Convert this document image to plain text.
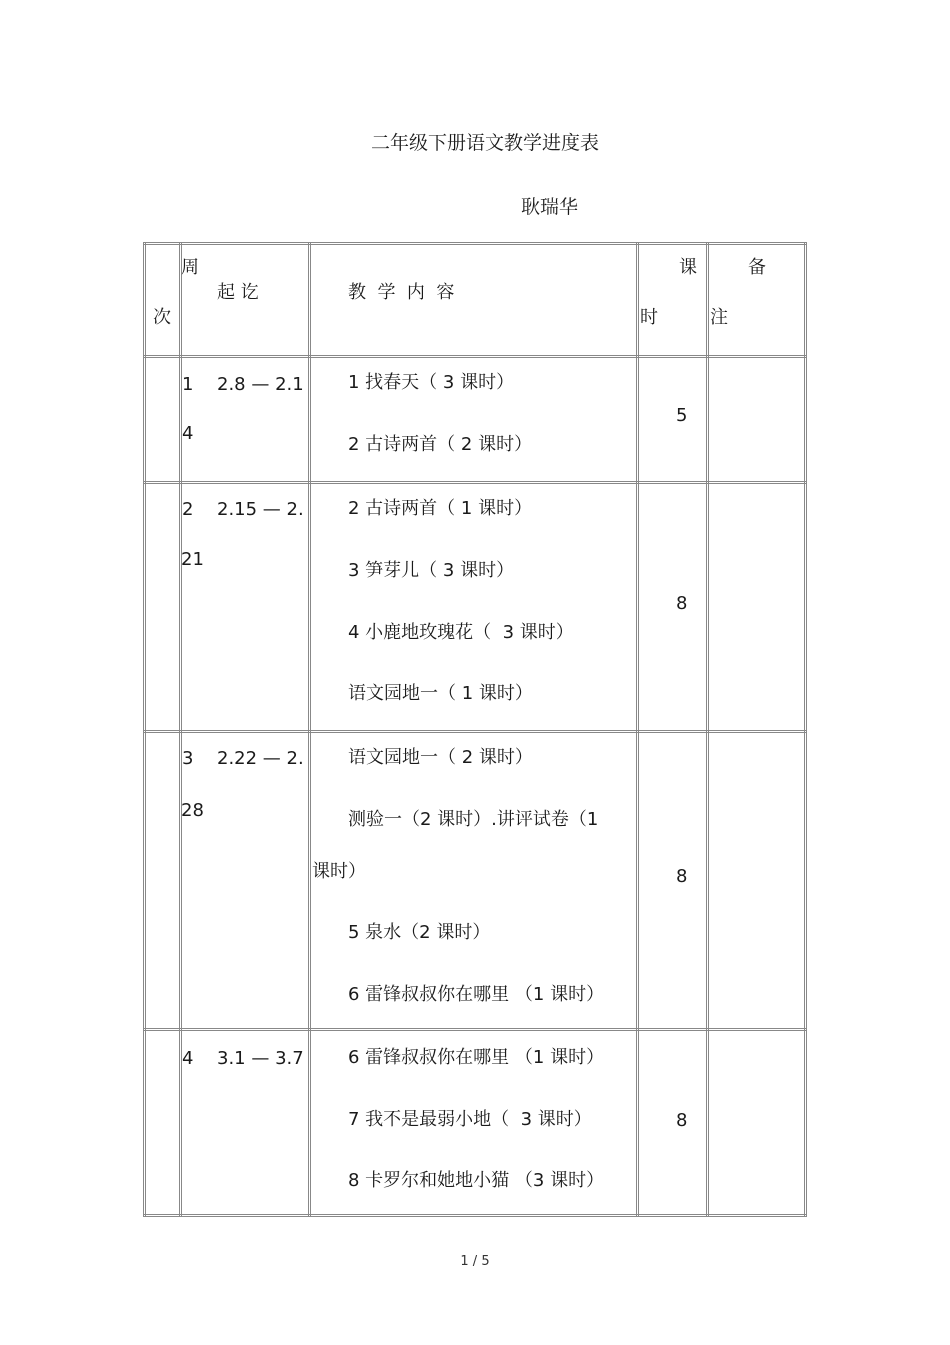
二年级下册语文教学进度表
耿瑞华
周
次
起 讫	教  学  内  容
课
时
备
注
1
4
2.8 — 2.1 1 找春天（ 3 课时）
2 古诗两首（ 2 课时）
5
2
21
2.15 — 2. 2 古诗两首（ 1 课时）
3 笋芽儿（ 3 课时）
4 小鹿地玫瑰花（  3 课时）
语文园地一（ 1 课时）
8
3
28
2.22 — 2. 语文园地一（ 2 课时）
测验一（2 课时）.讲评试卷（1
课时）
5 泉水（2 课时）
6 雷锋叔叔你在哪里 （1 课时）
8
4 3.1 — 3.7 6 雷锋叔叔你在哪里 （1 课时）
7 我不是最弱小地（  3 课时）
8 卡罗尔和她地小猫 （3 课时）
8
1 / 5
